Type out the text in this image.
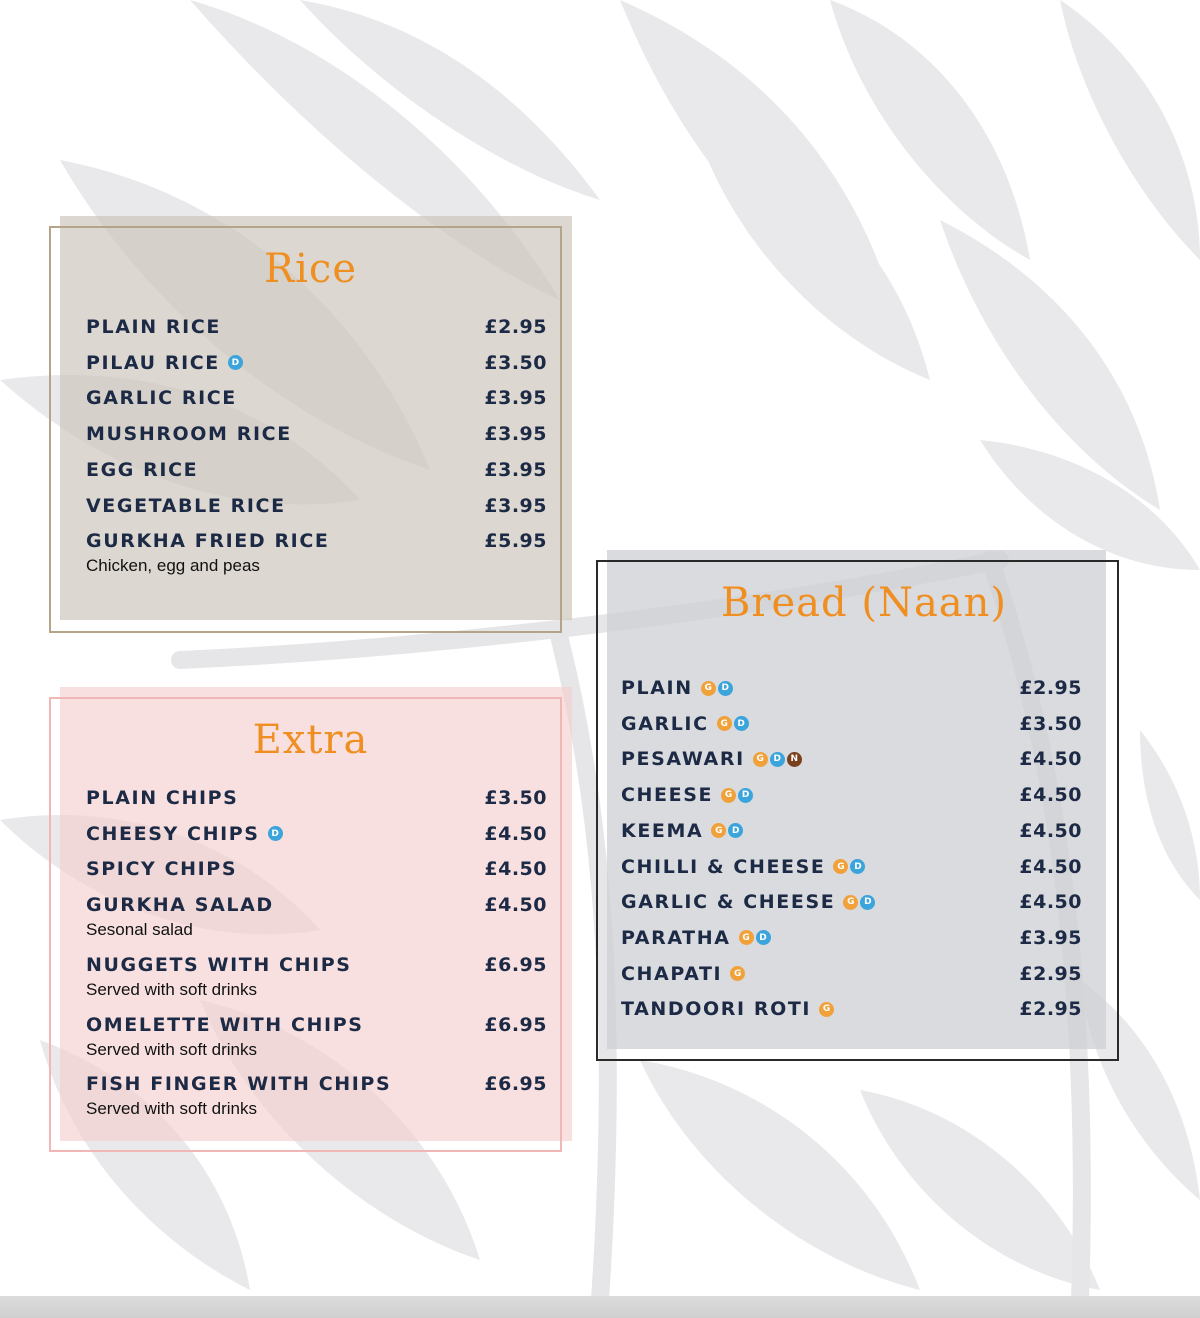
Rice
PLAIN RICE	£2.95
PILAU RICE	D	£3.50
GARLIC RICE	£3.95
MUSHROOM RICE	£3.95
EGG RICE	£3.95
VEGETABLE RICE	£3.95
GURKHA FRIED RICE	£5.95
Chicken, egg and peas
Extra
PLAIN CHIPS	£3.50
CHEESY CHIPS	D	£4.50
SPICY CHIPS	£4.50
GURKHA SALAD	£4.50
Sesonal salad
NUGGETS WITH CHIPS	£6.95
Served with soft drinks
OMELETTE WITH CHIPS	£6.95
Served with soft drinks
FISH FINGER WITH CHIPS	£6.95
Served with soft drinks
Bread (Naan)
PLAIN	G	D	£2.95
GARLIC	G	D	£3.50
PESAWARI	G	D	N	£4.50
CHEESE	G	D	£4.50
KEEMA	G	D	£4.50
CHILLI & CHEESE	G	D	£4.50
GARLIC & CHEESE	G	D	£4.50
PARATHA	G	D	£3.95
CHAPATI	G	£2.95
TANDOORI ROTI	G	£2.95
